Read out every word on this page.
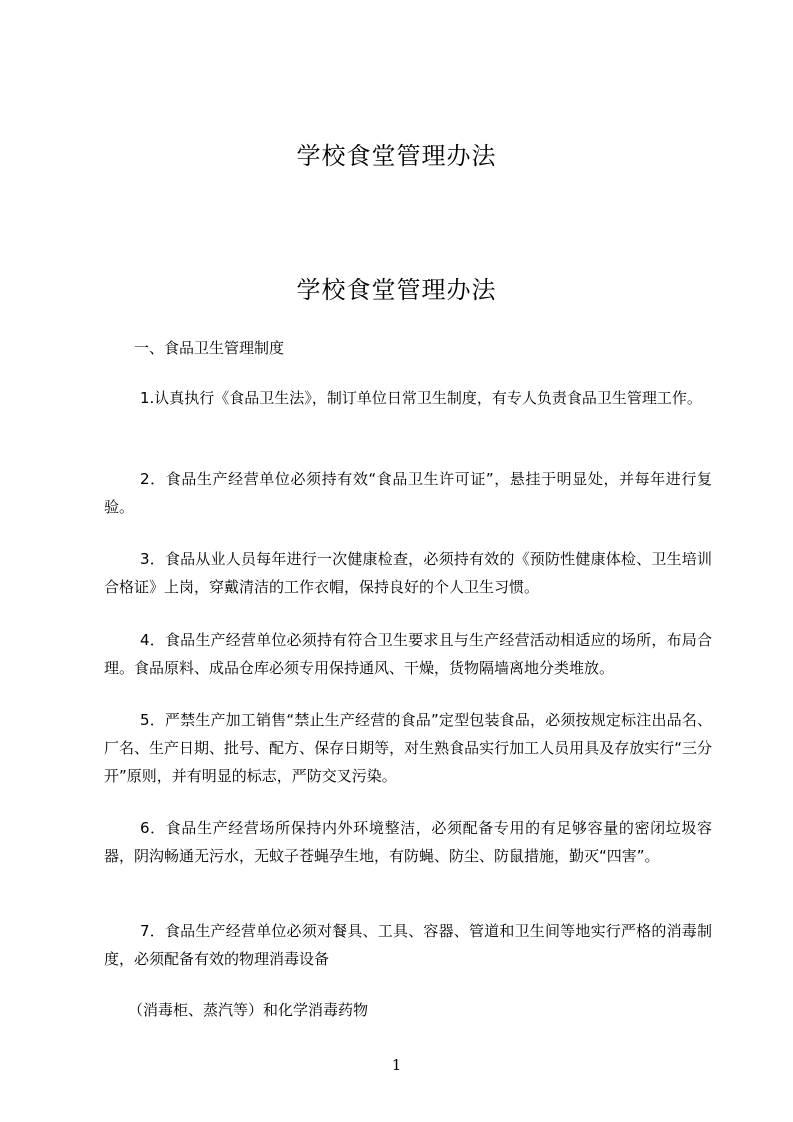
学校食堂管理办法
学校食堂管理办法
一、食品卫生管理制度

1.认真执行《食品卫生法》，制订单位日常卫生制度，有专人负责食品卫生管理工作。

2．食品生产经营单位必须持有效“食品卫生许可证”，悬挂于明显处，并每年进行复验。

3．食品从业人员每年进行一次健康检查，必须持有效的《预防性健康体检、卫生培训合格证》上岗，穿戴清洁的工作衣帽，保持良好的个人卫生习惯。

4．食品生产经营单位必须持有符合卫生要求且与生产经营活动相适应的场所，布局合理。食品原料、成品仓库必须专用保持通风、干燥，货物隔墙离地分类堆放。

5．严禁生产加工销售“禁止生产经营的食品”定型包装食品，必须按规定标注出品名、厂名、生产日期、批号、配方、保存日期等，对生熟食品实行加工人员用具及存放实行“三分开”原则，并有明显的标志，严防交叉污染。

6．食品生产经营场所保持内外环境整洁，必须配备专用的有足够容量的密闭垃圾容器，阴沟畅通无污水，无蚊子苍蝇孕生地，有防蝇、防尘、防鼠措施，勤灭“四害”。

7．食品生产经营单位必须对餐具、工具、容器、管道和卫生间等地实行严格的消毒制度，必须配备有效的物理消毒设备

（消毒柜、蒸汽等）和化学消毒药物

1
